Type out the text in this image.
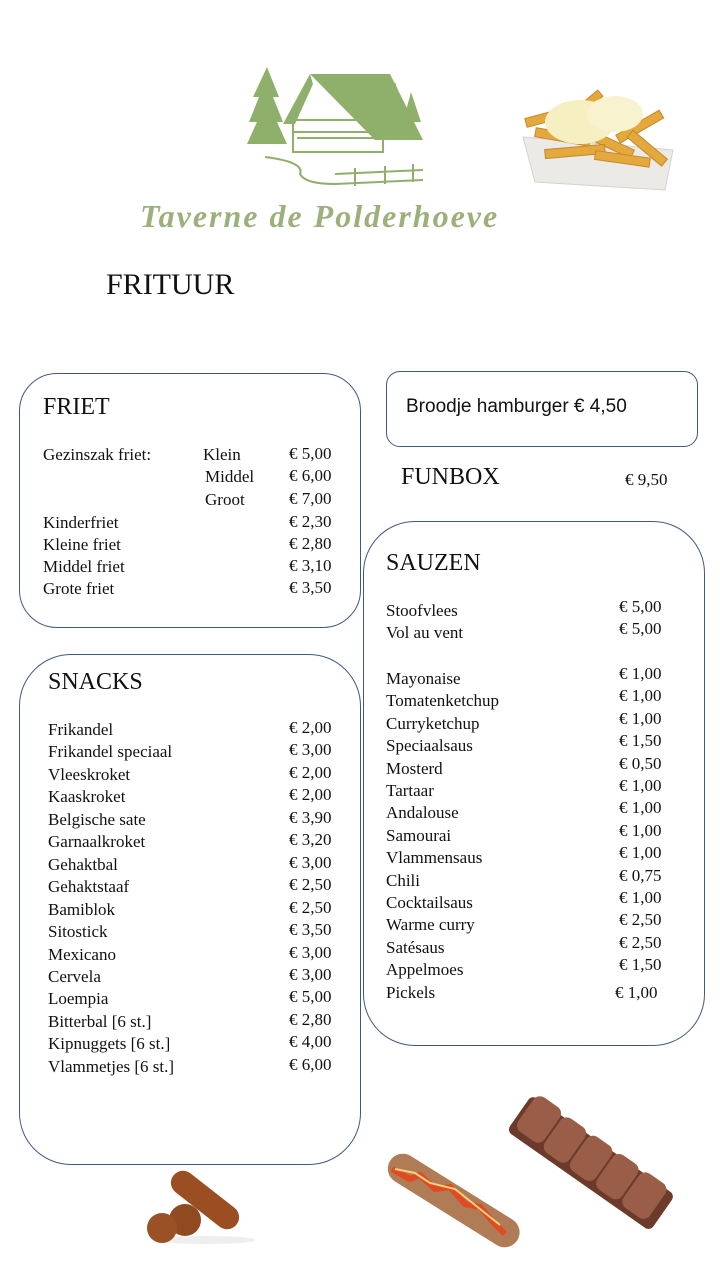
Taverne de Polderhoeve
FRITUUR
FRIET
Gezinszak friet:	Klein	€ 5,00
Middel € 6,00
Groot	€ 7,00
Kinderfriet	€ 2,30
Kleine friet	€ 2,80
Middel friet	€ 3,10
Grote friet	€ 3,50
SNACKS
Frikandel	€ 2,00
Frikandel speciaal	€ 3,00
Vleeskroket	€ 2,00
Kaaskroket	€ 2,00
Belgische sate	€ 3,90
Garnaalkroket	€ 3,20
Gehaktbal	€ 3,00
Gehaktstaaf	€ 2,50
Bamiblok	€ 2,50
Sitostick	€ 3,50
Mexicano	€ 3,00
Cervela	€ 3,00
Loempia	€ 5,00
Bitterbal [6 st.]	€ 2,80
Kipnuggets [6 st.]	€ 4,00
Vlammetjes [6 st.]	€ 6,00
Broodje hamburger € 4,50
FUNBOX	€ 9,50
SAUZEN
Stoofvlees	€ 5,00
Vol au vent	€ 5,00
Mayonaise	€ 1,00
Tomatenketchup	€ 1,00
Curryketchup	€ 1,00
Speciaalsaus	€ 1,50
Mosterd	€ 0,50
Tartaar	€ 1,00
Andalouse	€ 1,00
Samourai	€ 1,00
Vlammensaus	€ 1,00
Chili	€ 0,75
Cocktailsaus	€ 1,00
Warme curry	€ 2,50
Satésaus	€ 2,50
Appelmoes	€ 1,50
Pickels	€ 1,00
